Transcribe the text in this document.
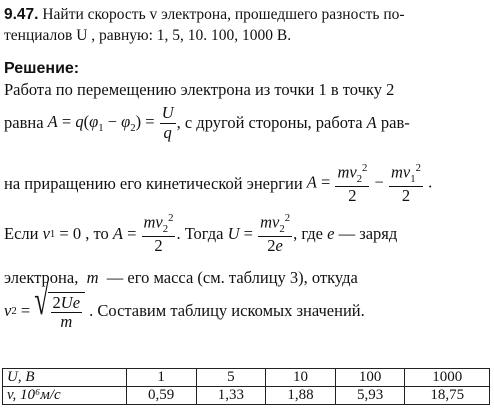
9.47. Найти скорость v электрона, прошедшего разность по-
тенциалов U , равную: 1, 5, 10. 100, 1000 В.
Решение:
Работа по перемещению электрона из точки 1 в точку 2
равна
$A = q(\varphi_1 - \varphi_2) = \frac{U}{q}$ , с другой стороны, работа
A
рав-
на приращению его кинетической энергии
$A = \frac{mv_2^2}{2} - \frac{mv_1^2}{2}$ .
Если
v 1 = 0 , то
$A = \frac{mv_2^2}{2}$ . Тогда
$U = \frac{mv_2^2}{2e}$ , где
e
— заряд
электрона, m — его масса (см. таблицу 3), откуда
v 2 = √ $\frac{2Ue}{m}$
. Составим таблицу искомых значений.
U, В	1	5	10	100	1000
v, 10⁶м/с	0,59	1,33	1,88	5,93	18,75
